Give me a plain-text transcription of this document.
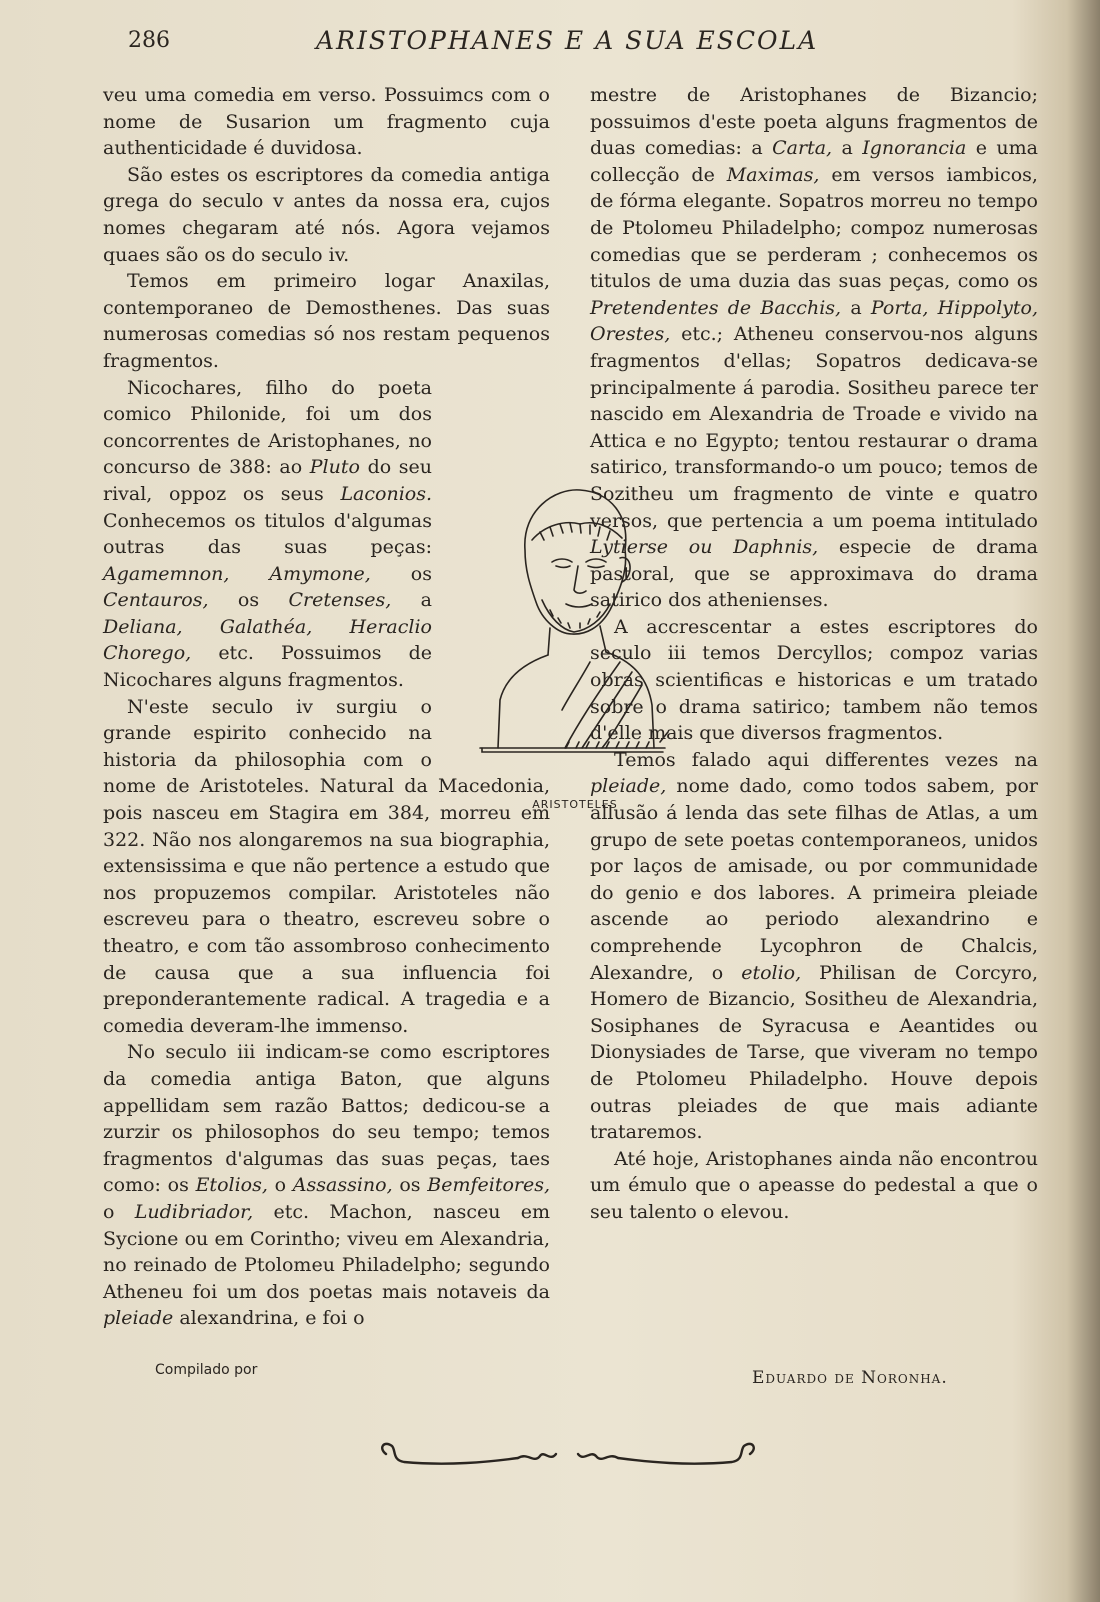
286	ARISTOPHANES E A SUA ESCOLA

veu uma comedia em verso. Possuimcs com o nome de Susarion um fragmento cuja authenticidade é duvidosa.

São estes os escriptores da comedia antiga grega do seculo v antes da nossa era, cujos nomes chegaram até nós. Agora vejamos quaes são os do seculo iv.

Temos em primeiro logar Anaxilas, contemporaneo de Demosthenes. Das suas numerosas comedias só nos restam pequenos fragmentos.

Nicochares, filho do poeta comico Philonide, foi um dos concorrentes de Aristophanes, no concurso de 388: ao Pluto do seu rival, oppoz os seus Laconios. Conhecemos os titulos d'algumas outras das suas peças: Agamemnon, Amymone, os Centauros, os Cretenses, a Deliana, Galathéa, Heraclio Chorego, etc. Possuimos de Nicochares alguns fragmentos.

N'este seculo iv surgiu o grande espirito conhecido na historia da philosophia com o nome de Aristoteles. Natural da Macedonia, pois nasceu em Stagira em 384, morreu em 322. Não nos alongaremos na sua biographia, extensissima e que não pertence a estudo que nos propuzemos compilar. Aristoteles não escreveu para o theatro, escreveu sobre o theatro, e com tão assombroso conhecimento de causa que a sua influencia foi preponderantemente radical. A tragedia e a comedia deveram-lhe immenso.

No seculo iii indicam-se como escriptores da comedia antiga Baton, que alguns appellidam sem razão Battos; dedicou-se a zurzir os philosophos do seu tempo; temos fragmentos d'algumas das suas peças, taes como: os Etolios, o Assassino, os Bemfeitores, o Ludibriador, etc. Machon, nasceu em Sycione ou em Corintho; viveu em Alexandria, no reinado de Ptolomeu Philadelpho; segundo Atheneu foi um dos poetas mais notaveis da pleiade alexandrina, e foi o

mestre de Aristophanes de Bizancio; possuimos d'este poeta alguns fragmentos de duas comedias: a Carta, a Ignorancia e uma collecção de Maximas, em versos iambicos, de fórma elegante. Sopatros morreu no tempo de Ptolomeu Philadelpho; compoz numerosas comedias que se perderam ; conhecemos os titulos de uma duzia das suas peças, como os Pretendentes de Bacchis, a Porta, Hippolyto, Orestes, etc.; Atheneu conservou-nos alguns fragmentos d'ellas; Sopatros dedicava-se principalmente á parodia. Sositheu parece ter nascido em Alexandria de Troade e vivido na Attica e no Egypto; tentou restaurar o drama satirico, transformando-o um pouco; temos de Sozitheu um fragmento de vinte e quatro versos, que pertencia a um poema intitulado Lytierse ou Daphnis, especie de drama pastoral, que se approximava do drama satirico dos athenienses.

A accrescentar a estes escriptores do seculo iii temos Dercyllos; compoz varias obras scientificas e historicas e um tratado sobre o drama satirico; tambem não temos d'elle mais que diversos fragmentos.

Temos falado aqui differentes vezes na pleiade, nome dado, como todos sabem, por allusão á lenda das sete filhas de Atlas, a um grupo de sete poetas contemporaneos, unidos por laços de amisade, ou por communidade do genio e dos labores. A primeira pleiade ascende ao periodo alexandrino e comprehende Lycophron de Chalcis, Alexandre, o etolio, Philisan de Corcyro, Homero de Bizancio, Sositheu de Alexandria, Sosiphanes de Syracusa e Aeantides ou Dionysiades de Tarse, que viveram no tempo de Ptolomeu Philadelpho. Houve depois outras pleiades de que mais adiante trataremos.

Até hoje, Aristophanes ainda não encontrou um émulo que o apeasse do pedestal a que o seu talento o elevou.

ARISTOTELES
Compilado por	Eduardo de Noronha.
